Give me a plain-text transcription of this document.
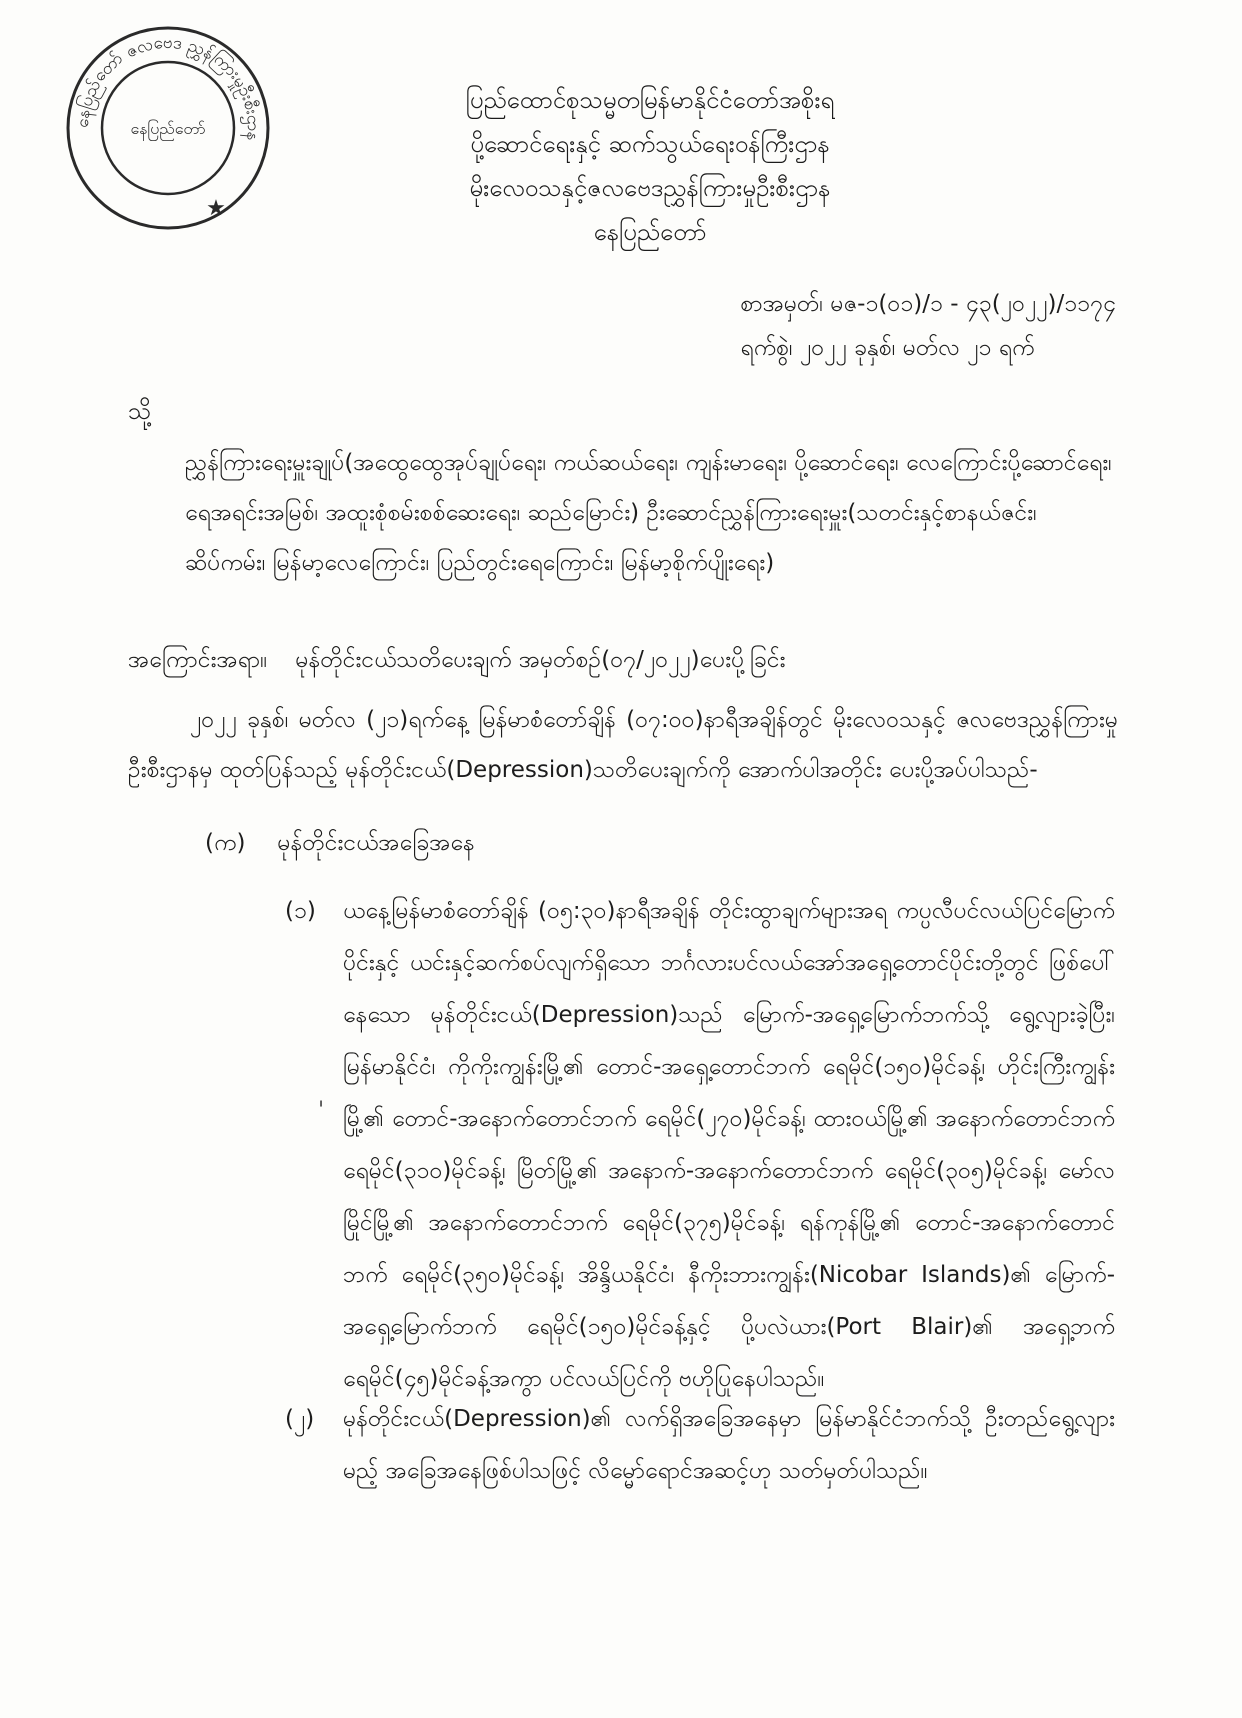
နေပြည်တော် ဇလဗေဒ ညွှန်ကြားမှုဦးစီးဌာန
နေပြည်တော်
★
ပြည်ထောင်စုသမ္မတမြန်မာနိုင်ငံတော်အစိုးရ
ပို့ဆောင်ရေးနှင့် ဆက်သွယ်ရေးဝန်ကြီးဌာန
မိုးလေဝသနှင့်ဇလဗေဒညွှန်ကြားမှုဦးစီးဌာန
နေပြည်တော်
စာအမှတ်၊ မဇ-၁(၀၁)/၁ - ၄၃(၂၀၂၂)/၁၁၇၄
ရက်စွဲ၊ ၂၀၂၂ ခုနှစ်၊ မတ်လ ၂၁ ရက်
သို့
ညွှန်ကြားရေးမှူးချုပ်(အထွေထွေအုပ်ချုပ်ရေး၊ ကယ်ဆယ်ရေး၊ ကျန်းမာရေး၊ ပို့ဆောင်ရေး၊ လေကြောင်းပို့ဆောင်ရေး၊ ရေအရင်းအမြစ်၊ အထူးစုံစမ်းစစ်ဆေးရေး၊ ဆည်မြောင်း) ဦးဆောင်ညွှန်ကြားရေးမှူး(သတင်းနှင့်စာနယ်ဇင်း၊ ဆိပ်ကမ်း၊ မြန်မာ့လေကြောင်း၊ ပြည်တွင်းရေကြောင်း၊ မြန်မာ့စိုက်ပျိုးရေး)
အကြောင်းအရာ။ မုန်တိုင်းငယ်သတိပေးချက် အမှတ်စဉ်(၀၇/၂၀၂၂)ပေးပို့ခြင်း
၂၀၂၂ ခုနှစ်၊ မတ်လ (၂၁)ရက်နေ့ မြန်မာစံတော်ချိန် (၀၇:၀၀)နာရီအချိန်တွင် မိုးလေဝသနှင့် ဇလဗေဒညွှန်ကြားမှုဦးစီးဌာနမှ ထုတ်ပြန်သည့် မုန်တိုင်းငယ်(Depression)သတိပေးချက်ကို အောက်ပါအတိုင်း ပေးပို့အပ်ပါသည်-
(က) မုန်တိုင်းငယ်အခြေအနေ
(၁)	ယနေ့မြန်မာစံတော်ချိန် (၀၅:၃၀)နာရီအချိန် တိုင်းထွာချက်များအရ ကပ္ပလီပင်လယ်ပြင်မြောက်ပိုင်းနှင့် ယင်းနှင့်ဆက်စပ်လျက်ရှိသော ဘင်္ဂလားပင်လယ်အော်အရှေ့တောင်ပိုင်းတို့တွင် ဖြစ်ပေါ်နေသော မုန်တိုင်းငယ်(Depression)သည် မြောက်-အရှေ့မြောက်ဘက်သို့ ရွေ့လျားခဲ့ပြီး၊ မြန်မာနိုင်ငံ၊ ကိုကိုးကျွန်းမြို့၏ တောင်-အရှေ့တောင်ဘက် ရေမိုင်(၁၅၀)မိုင်ခန့်၊ ဟိုင်းကြီးကျွန်းမြို့၏ တောင်-အနောက်တောင်ဘက် ရေမိုင်(၂၇၀)မိုင်ခန့်၊ ထားဝယ်မြို့၏ အနောက်တောင်ဘက် ရေမိုင်(၃၁၀)မိုင်ခန့်၊ မြိတ်မြို့၏ အနောက်-အနောက်တောင်ဘက် ရေမိုင်(၃၀၅)မိုင်ခန့်၊ မော်လမြိုင်မြို့၏ အနောက်တောင်ဘက် ရေမိုင်(၃၇၅)မိုင်ခန့်၊ ရန်ကုန်မြို့၏ တောင်-အနောက်တောင်ဘက် ရေမိုင်(၃၅၀)မိုင်ခန့်၊ အိန္ဒိယနိုင်ငံ၊ နီကိုးဘားကျွန်း(Nicobar Islands)၏ မြောက်-အရှေ့မြောက်ဘက် ရေမိုင်(၁၅၀)မိုင်ခန့်နှင့် ပို့ပလဲယား(Port Blair)၏ အရှေ့ဘက် ရေမိုင်(၄၅)မိုင်ခန့်အကွာ ပင်လယ်ပြင်ကို ဗဟိုပြုနေပါသည်။
(၂)	မုန်တိုင်းငယ်(Depression)၏ လက်ရှိအခြေအနေမှာ မြန်မာနိုင်ငံဘက်သို့ ဦးတည်ရွေ့လျားမည့် အခြေအနေဖြစ်ပါသဖြင့် လိမ္မော်ရောင်အဆင့်ဟု သတ်မှတ်ပါသည်။
'
